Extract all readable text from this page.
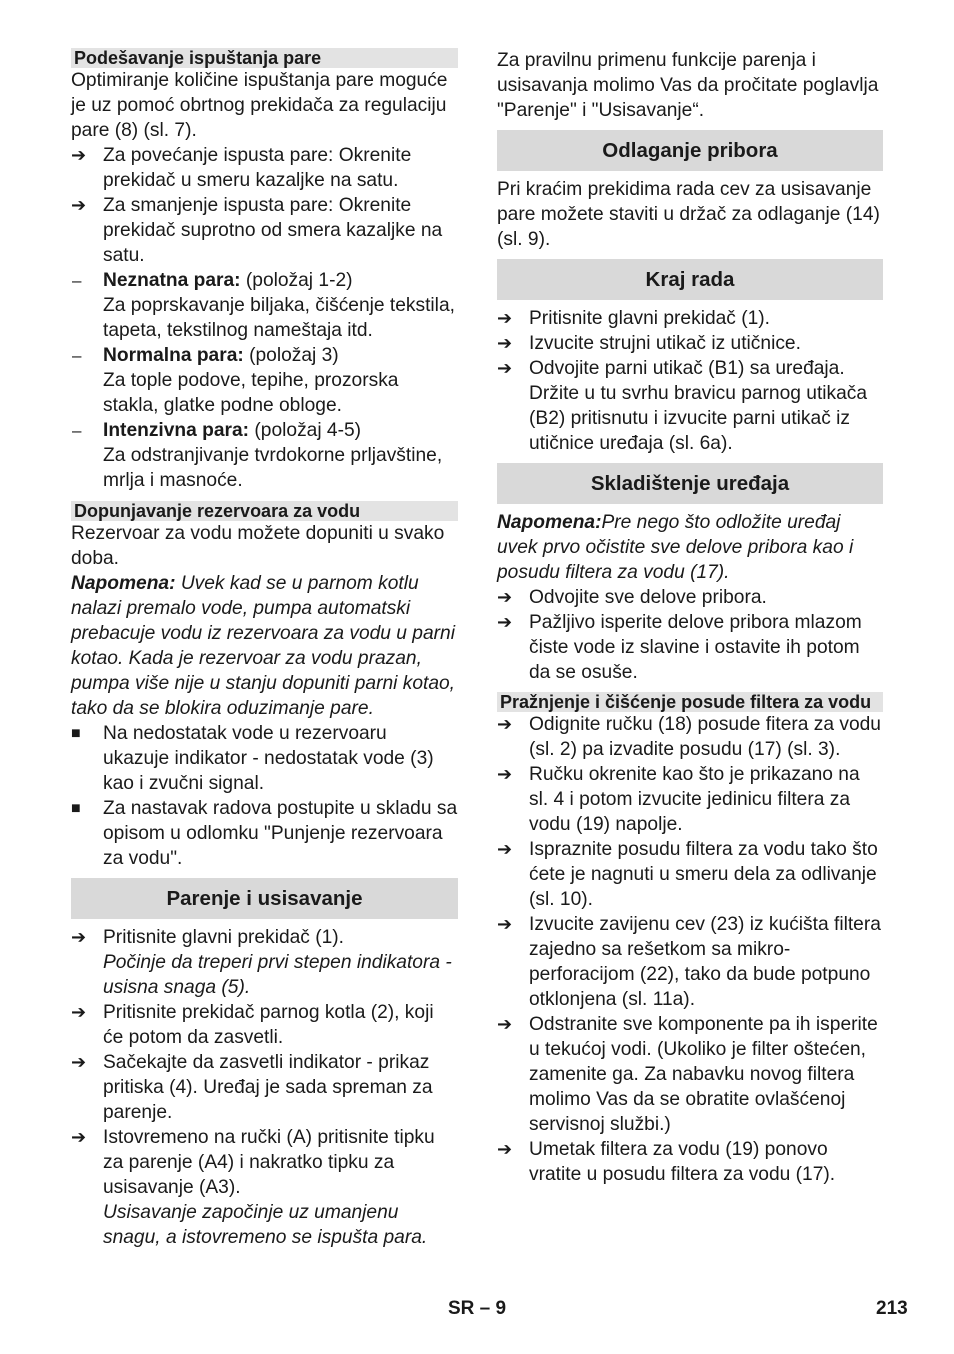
Podešavanje ispuštanja pare

Optimiranje količine ispuštanja pare moguće je uz pomoć obrtnog prekidača za regulaciju pare (8) (sl. 7).

➔ Za povećanje ispusta pare: Okrenite prekidač u smeru kazaljke na satu.
➔ Za smanjenje ispusta pare: Okrenite prekidač suprotno od smera kazaljke na satu.
–	Neznatna para: (položaj 1-2)
Za poprskavanje biljaka, čišćenje tekstila, tapeta, tekstilnog nameštaja itd.
–	Normalna para: (položaj 3)
Za tople podove, tepihe, prozorska stakla, glatke podne obloge.
–	Intenzivna para: (položaj 4-5)
Za odstranjivanje tvrdokorne prljavštine, mrlja i masnoće.
Dopunjavanje rezervoara za vodu

Rezervoar za vodu možete dopuniti u svako doba.

Napomena: Uvek kad se u parnom kotlu nalazi premalo vode, pumpa automatski prebacuje vodu iz rezervoara za vodu u parni kotao. Kada je rezervoar za vodu prazan, pumpa više nije u stanju dopuniti parni kotao, tako da se blokira oduzimanje pare.

■	Na nedostatak vode u rezervoaru ukazuje indikator - nedostatak vode (3) kao i zvučni signal.
■	Za nastavak radova postupite u skladu sa opisom u odlomku "Punjenje rezervoara za vodu".
Parenje i usisavanje
➔ Pritisnite glavni prekidač (1).
Počinje da treperi prvi stepen indikatora - usisna snaga (5).
➔ Pritisnite prekidač parnog kotla (2), koji će potom da zasvetli.
➔ Sačekajte da zasvetli indikator - prikaz pritiska (4). Uređaj je sada spreman za parenje.
➔ Istovremeno na ručki (A) pritisnite tipku za parenje (A4) i nakratko tipku za usisavanje (A3).
Usisavanje započinje uz umanjenu snagu, a istovremeno se ispušta para.

Za pravilnu primenu funkcije parenja i usisavanja molimo Vas da pročitate poglavlja "Parenje" i "Usisavanje“.

Odlaganje pribora

Pri kraćim prekidima rada cev za usisavanje pare možete staviti u držač za odlaganje (14) (sl. 9).

Kraj rada
➔ Pritisnite glavni prekidač (1).
➔ Izvucite strujni utikač iz utičnice.
➔ Odvojite parni utikač (B1) sa uređaja. Držite u tu svrhu bravicu parnog utikača (B2) pritisnutu i izvucite parni utikač iz utičnice uređaja (sl. 6a).
Skladištenje uređaja

Napomena:Pre nego što odložite uređaj uvek prvo očistite sve delove pribora kao i posudu filtera za vodu (17).

➔ Odvojite sve delove pribora.
➔ Pažljivo isperite delove pribora mlazom čiste vode iz slavine i ostavite ih potom da se osuše.
Pražnjenje i čišćenje posude filtera za vodu
➔ Odignite ručku (18) posude fitera za vodu (sl. 2) pa izvadite posudu (17) (sl. 3).
➔ Ručku okrenite kao što je prikazano na sl. 4 i potom izvucite jedinicu filtera za vodu (19) napolje.
➔ Ispraznite posudu filtera za vodu tako što ćete je nagnuti u smeru dela za odlivanje (sl. 10).
➔ Izvucite zavijenu cev (23) iz kućišta filtera zajedno sa rešetkom sa mikro-perforacijom (22), tako da bude potpuno otklonjena (sl. 11a).
➔ Odstranite sve komponente pa ih isperite u tekućoj vodi. (Ukoliko je filter oštećen, zamenite ga. Za nabavku novog filtera molimo Vas da se obratite ovlašćenoj servisnoj službi.)
➔ Umetak filtera za vodu (19) ponovo vratite u posudu filtera za vodu (17).
SR – 9	213
